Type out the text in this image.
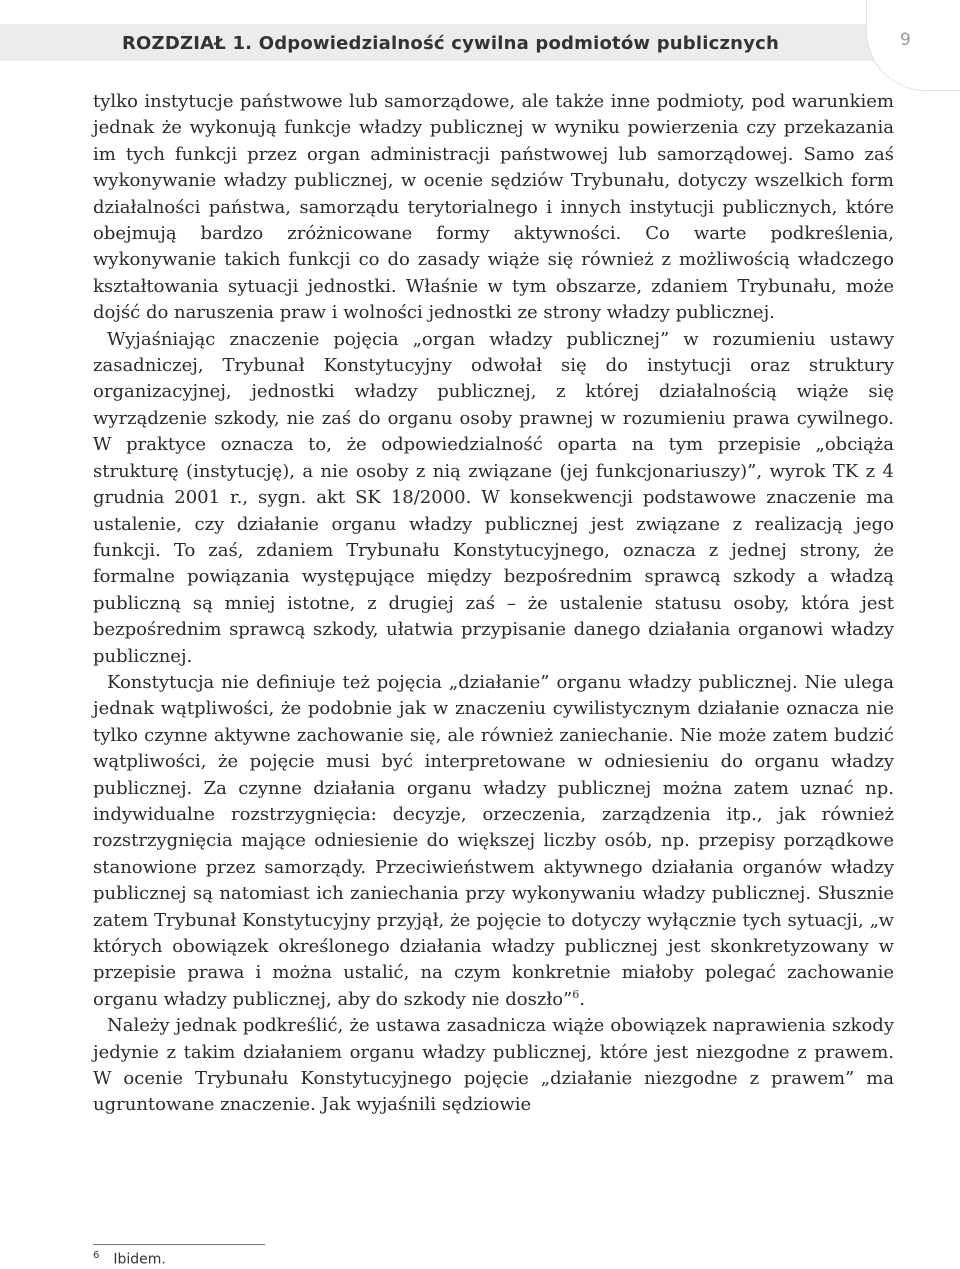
ROZDZIAŁ 1. Odpowiedzialność cywilna podmiotów publicznych	9

tylko instytucje państwowe lub samorządowe, ale także inne podmioty, pod warunkiem jednak że wykonują funkcje władzy publicznej w wyniku powierzenia czy przekazania im tych funkcji przez organ administracji państwowej lub samorządowej. Samo zaś wykonywanie władzy publicznej, w ocenie sędziów Trybunału, dotyczy wszelkich form działalności państwa, samorządu terytorialnego i innych instytucji publicznych, które obejmują bardzo zróżnicowane formy aktywności. Co warte podkreślenia, wykonywanie takich funkcji co do zasady wiąże się również z możliwością władczego kształtowania sytuacji jednostki. Właśnie w tym obszarze, zdaniem Trybunału, może dojść do naruszenia praw i wolności jednostki ze strony władzy publicznej.

Wyjaśniając znaczenie pojęcia „organ władzy publicznej” w rozumieniu ustawy zasadniczej, Trybunał Konstytucyjny odwołał się do instytucji oraz struktury organizacyjnej, jednostki władzy publicznej, z której działalnością wiąże się wyrządzenie szkody, nie zaś do organu osoby prawnej w rozumieniu prawa cywilnego. W praktyce oznacza to, że odpowiedzialność oparta na tym przepisie „obciąża strukturę (instytucję), a nie osoby z nią związane (jej funkcjonariuszy)”, wyrok TK z 4 grudnia 2001 r., sygn. akt SK 18/2000. W konsekwencji podstawowe znaczenie ma ustalenie, czy działanie organu władzy publicznej jest związane z realizacją jego funkcji. To zaś, zdaniem Trybunału Konstytucyjnego, oznacza z jednej strony, że formalne powiązania występujące między bezpośrednim sprawcą szkody a władzą publiczną są mniej istotne, z drugiej zaś – że ustalenie statusu osoby, która jest bezpośrednim sprawcą szkody, ułatwia przypisanie danego działania organowi władzy publicznej.

Konstytucja nie definiuje też pojęcia „działanie” organu władzy publicznej. Nie ulega jednak wątpliwości, że podobnie jak w znaczeniu cywilistycznym działanie oznacza nie tylko czynne aktywne zachowanie się, ale również zaniechanie. Nie może zatem budzić wątpliwości, że pojęcie musi być interpretowane w odniesieniu do organu władzy publicznej. Za czynne działania organu władzy publicznej można zatem uznać np. indywidualne rozstrzygnięcia: decyzje, orzeczenia, zarządzenia itp., jak również rozstrzygnięcia mające odniesienie do większej liczby osób, np. przepisy porządkowe stanowione przez samorządy. Przeciwieństwem aktywnego działania organów władzy publicznej są natomiast ich zaniechania przy wykonywaniu władzy publicznej. Słusznie zatem Trybunał Konstytucyjny przyjął, że pojęcie to dotyczy wyłącznie tych sytuacji, „w których obowiązek określonego działania władzy publicznej jest skonkretyzowany w przepisie prawa i można ustalić, na czym konkretnie miałoby polegać zachowanie organu władzy publicznej, aby do szkody nie doszło”$^6$.

Należy jednak podkreślić, że ustawa zasadnicza wiąże obowiązek naprawienia szkody jedynie z takim działaniem organu władzy publicznej, które jest niezgodne z prawem. W ocenie Trybunału Konstytucyjnego pojęcie „działanie niezgodne z prawem” ma ugruntowane znaczenie. Jak wyjaśnili sędziowie

$^6$ Ibidem.
